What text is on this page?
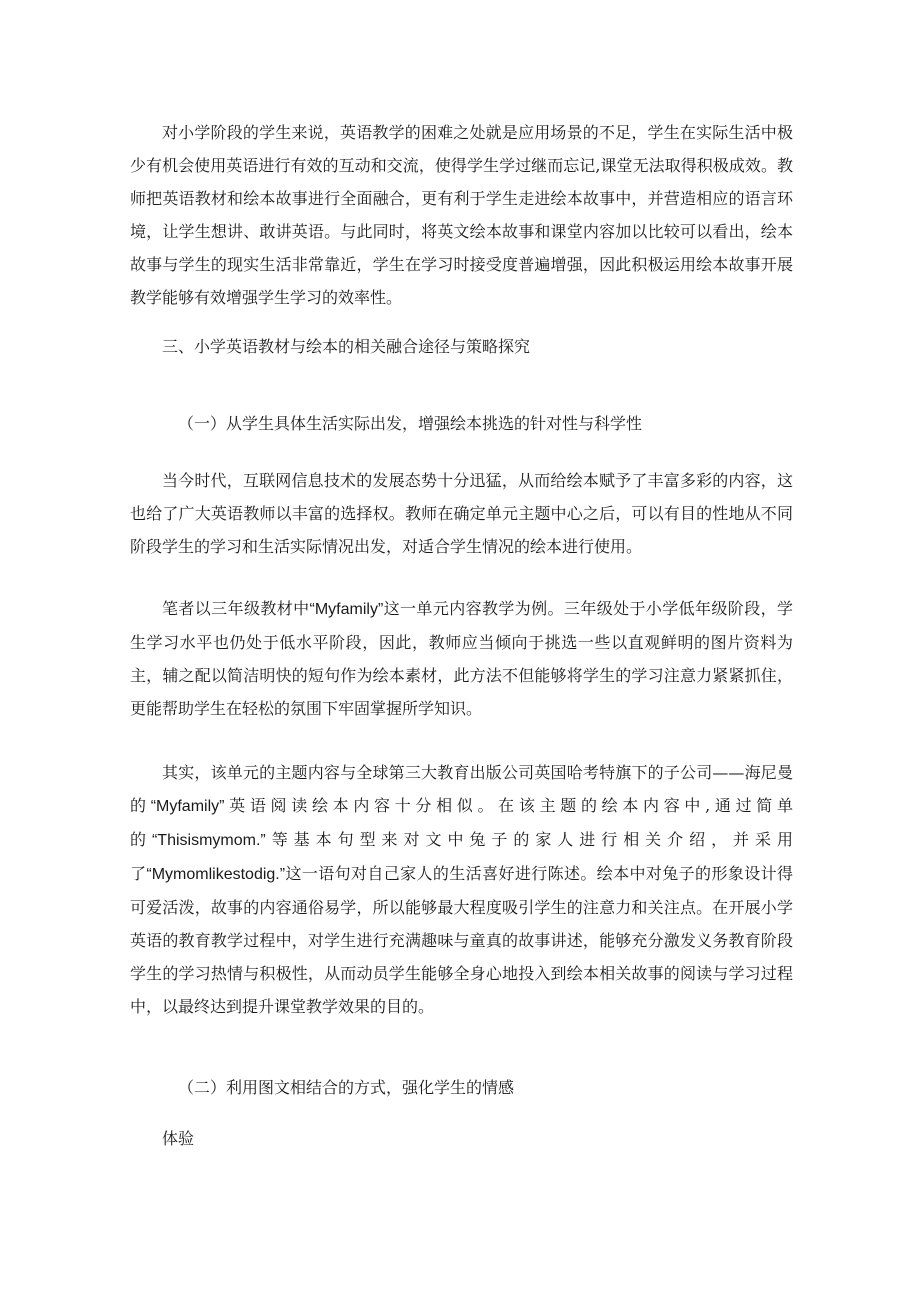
对小学阶段的学生来说，英语教学的困难之处就是应用场景的不足，学生在实际生活中极少有机会使用英语进行有效的互动和交流，使得学生学过继而忘记,课堂无法取得积极成效。教师把英语教材和绘本故事进行全面融合，更有利于学生走进绘本故事中，并营造相应的语言环境，让学生想讲、敢讲英语。与此同时，将英文绘本故事和课堂内容加以比较可以看出，绘本故事与学生的现实生活非常靠近，学生在学习时接受度普遍增强，因此积极运用绘本故事开展教学能够有效增强学生学习的效率性。

三、小学英语教材与绘本的相关融合途径与策略探究

（一）从学生具体生活实际出发，增强绘本挑选的针对性与科学性

当今时代，互联网信息技术的发展态势十分迅猛，从而给绘本赋予了丰富多彩的内容，这也给了广大英语教师以丰富的选择权。教师在确定单元主题中心之后，可以有目的性地从不同阶段学生的学习和生活实际情况出发，对适合学生情况的绘本进行使用。

笔者以三年级教材中“Myfamily”这一单元内容教学为例。三年级处于小学低年级阶段，学生学习水平也仍处于低水平阶段，因此，教师应当倾向于挑选一些以直观鲜明的图片资料为主，辅之配以简洁明快的短句作为绘本素材，此方法不但能够将学生的学习注意力紧紧抓住，更能帮助学生在轻松的氛围下牢固掌握所学知识。

其实，该单元的主题内容与全球第三大教育出版公司英国哈考特旗下的子公司——海尼曼的“Myfamily”英语阅读绘本内容十分相似。在该主题的绘本内容中,通过简单的“Thisismymom.”等基本句型来对文中兔子的家人进行相关介绍，并采用了“Mymomlikestodig.”这一语句对自己家人的生活喜好进行陈述。绘本中对兔子的形象设计得可爱活泼，故事的内容通俗易学，所以能够最大程度吸引学生的注意力和关注点。在开展小学英语的教育教学过程中，对学生进行充满趣味与童真的故事讲述，能够充分激发义务教育阶段学生的学习热情与积极性，从而动员学生能够全身心地投入到绘本相关故事的阅读与学习过程中，以最终达到提升课堂教学效果的目的。

（二）利用图文相结合的方式，强化学生的情感

体验
